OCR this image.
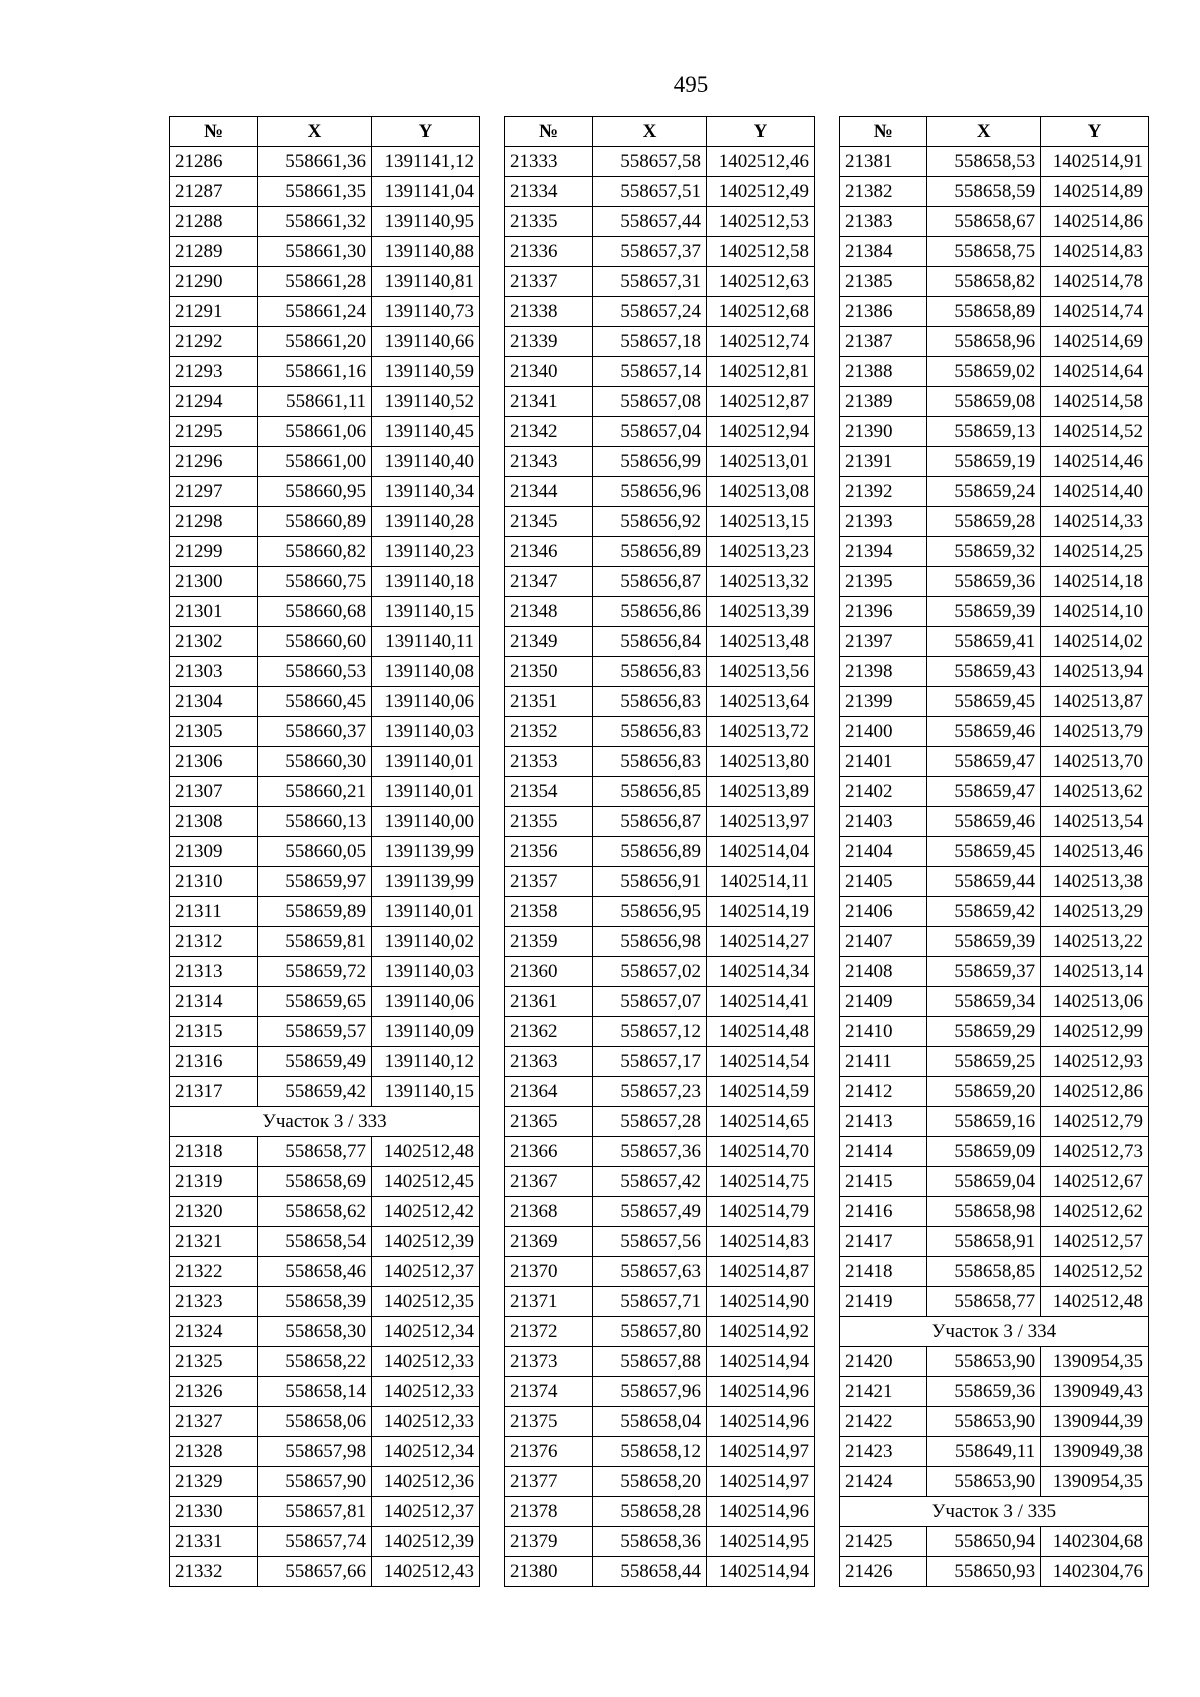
495
№	X	Y
21286	558661,36	1391141,12
21287	558661,35	1391141,04
21288	558661,32	1391140,95
21289	558661,30	1391140,88
21290	558661,28	1391140,81
21291	558661,24	1391140,73
21292	558661,20	1391140,66
21293	558661,16	1391140,59
21294	558661,11	1391140,52
21295	558661,06	1391140,45
21296	558661,00	1391140,40
21297	558660,95	1391140,34
21298	558660,89	1391140,28
21299	558660,82	1391140,23
21300	558660,75	1391140,18
21301	558660,68	1391140,15
21302	558660,60	1391140,11
21303	558660,53	1391140,08
21304	558660,45	1391140,06
21305	558660,37	1391140,03
21306	558660,30	1391140,01
21307	558660,21	1391140,01
21308	558660,13	1391140,00
21309	558660,05	1391139,99
21310	558659,97	1391139,99
21311	558659,89	1391140,01
21312	558659,81	1391140,02
21313	558659,72	1391140,03
21314	558659,65	1391140,06
21315	558659,57	1391140,09
21316	558659,49	1391140,12
21317	558659,42	1391140,15
Участок 3 / 333		
21318	558658,77	1402512,48
21319	558658,69	1402512,45
21320	558658,62	1402512,42
21321	558658,54	1402512,39
21322	558658,46	1402512,37
21323	558658,39	1402512,35
21324	558658,30	1402512,34
21325	558658,22	1402512,33
21326	558658,14	1402512,33
21327	558658,06	1402512,33
21328	558657,98	1402512,34
21329	558657,90	1402512,36
21330	558657,81	1402512,37
21331	558657,74	1402512,39
21332	558657,66	1402512,43
№	X	Y
21333	558657,58	1402512,46
21334	558657,51	1402512,49
21335	558657,44	1402512,53
21336	558657,37	1402512,58
21337	558657,31	1402512,63
21338	558657,24	1402512,68
21339	558657,18	1402512,74
21340	558657,14	1402512,81
21341	558657,08	1402512,87
21342	558657,04	1402512,94
21343	558656,99	1402513,01
21344	558656,96	1402513,08
21345	558656,92	1402513,15
21346	558656,89	1402513,23
21347	558656,87	1402513,32
21348	558656,86	1402513,39
21349	558656,84	1402513,48
21350	558656,83	1402513,56
21351	558656,83	1402513,64
21352	558656,83	1402513,72
21353	558656,83	1402513,80
21354	558656,85	1402513,89
21355	558656,87	1402513,97
21356	558656,89	1402514,04
21357	558656,91	1402514,11
21358	558656,95	1402514,19
21359	558656,98	1402514,27
21360	558657,02	1402514,34
21361	558657,07	1402514,41
21362	558657,12	1402514,48
21363	558657,17	1402514,54
21364	558657,23	1402514,59
21365	558657,28	1402514,65
21366	558657,36	1402514,70
21367	558657,42	1402514,75
21368	558657,49	1402514,79
21369	558657,56	1402514,83
21370	558657,63	1402514,87
21371	558657,71	1402514,90
21372	558657,80	1402514,92
21373	558657,88	1402514,94
21374	558657,96	1402514,96
21375	558658,04	1402514,96
21376	558658,12	1402514,97
21377	558658,20	1402514,97
21378	558658,28	1402514,96
21379	558658,36	1402514,95
21380	558658,44	1402514,94
№	X	Y
21381	558658,53	1402514,91
21382	558658,59	1402514,89
21383	558658,67	1402514,86
21384	558658,75	1402514,83
21385	558658,82	1402514,78
21386	558658,89	1402514,74
21387	558658,96	1402514,69
21388	558659,02	1402514,64
21389	558659,08	1402514,58
21390	558659,13	1402514,52
21391	558659,19	1402514,46
21392	558659,24	1402514,40
21393	558659,28	1402514,33
21394	558659,32	1402514,25
21395	558659,36	1402514,18
21396	558659,39	1402514,10
21397	558659,41	1402514,02
21398	558659,43	1402513,94
21399	558659,45	1402513,87
21400	558659,46	1402513,79
21401	558659,47	1402513,70
21402	558659,47	1402513,62
21403	558659,46	1402513,54
21404	558659,45	1402513,46
21405	558659,44	1402513,38
21406	558659,42	1402513,29
21407	558659,39	1402513,22
21408	558659,37	1402513,14
21409	558659,34	1402513,06
21410	558659,29	1402512,99
21411	558659,25	1402512,93
21412	558659,20	1402512,86
21413	558659,16	1402512,79
21414	558659,09	1402512,73
21415	558659,04	1402512,67
21416	558658,98	1402512,62
21417	558658,91	1402512,57
21418	558658,85	1402512,52
21419	558658,77	1402512,48
Участок 3 / 334		
21420	558653,90	1390954,35
21421	558659,36	1390949,43
21422	558653,90	1390944,39
21423	558649,11	1390949,38
21424	558653,90	1390954,35
Участок 3 / 335		
21425	558650,94	1402304,68
21426	558650,93	1402304,76
